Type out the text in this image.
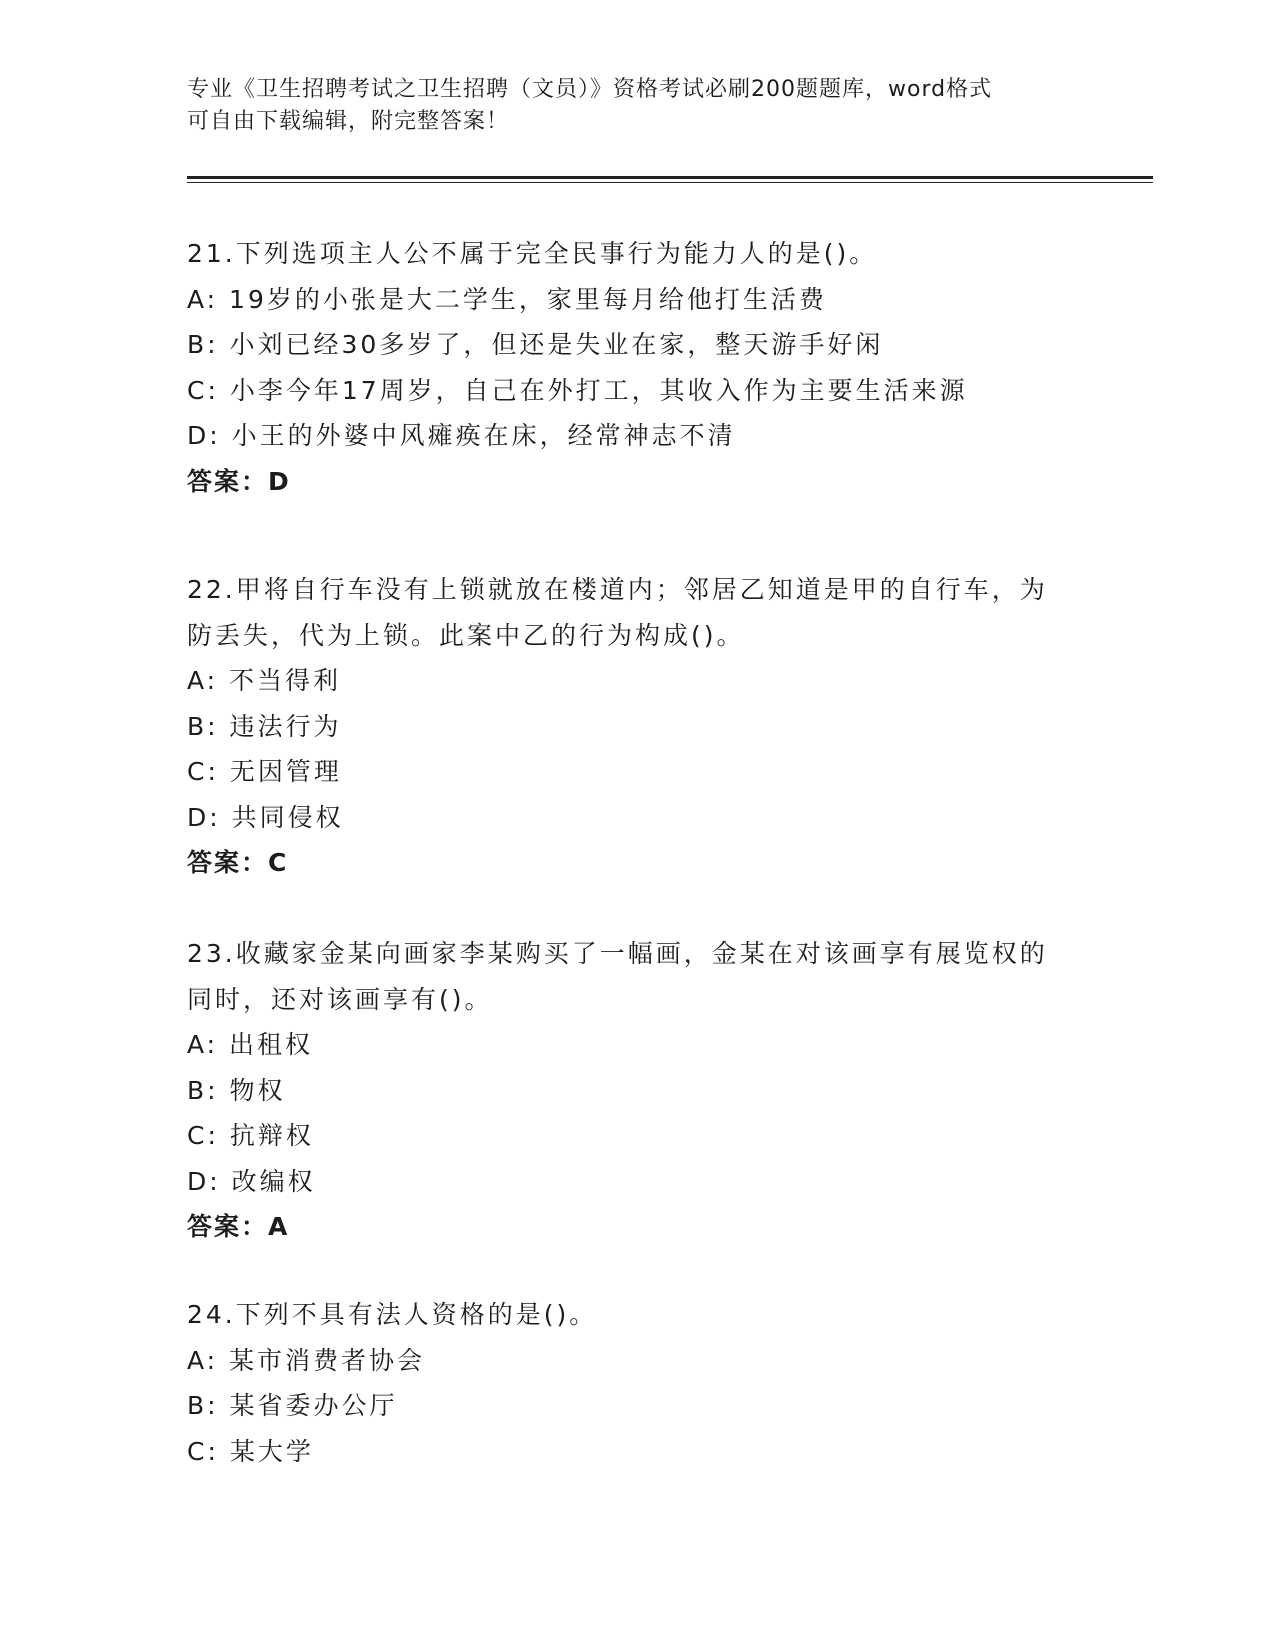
专业《卫生招聘考试之卫生招聘（文员）》资格考试必刷200题题库，word格式
可自由下载编辑，附完整答案！
21.下列选项主人公不属于完全民事行为能力人的是()。
A: 19岁的小张是大二学生，家里每月给他打生活费
B: 小刘已经30多岁了，但还是失业在家，整天游手好闲
C: 小李今年17周岁，自己在外打工，其收入作为主要生活来源
D: 小王的外婆中风瘫痪在床，经常神志不清
答案：D
22.甲将自行车没有上锁就放在楼道内；邻居乙知道是甲的自行车，为
防丢失，代为上锁。此案中乙的行为构成()。
A: 不当得利
B: 违法行为
C: 无因管理
D: 共同侵权
答案：C
23.收藏家金某向画家李某购买了一幅画，金某在对该画享有展览权的
同时，还对该画享有()。
A: 出租权
B: 物权
C: 抗辩权
D: 改编权
答案：A
24.下列不具有法人资格的是()。
A: 某市消费者协会
B: 某省委办公厅
C: 某大学
